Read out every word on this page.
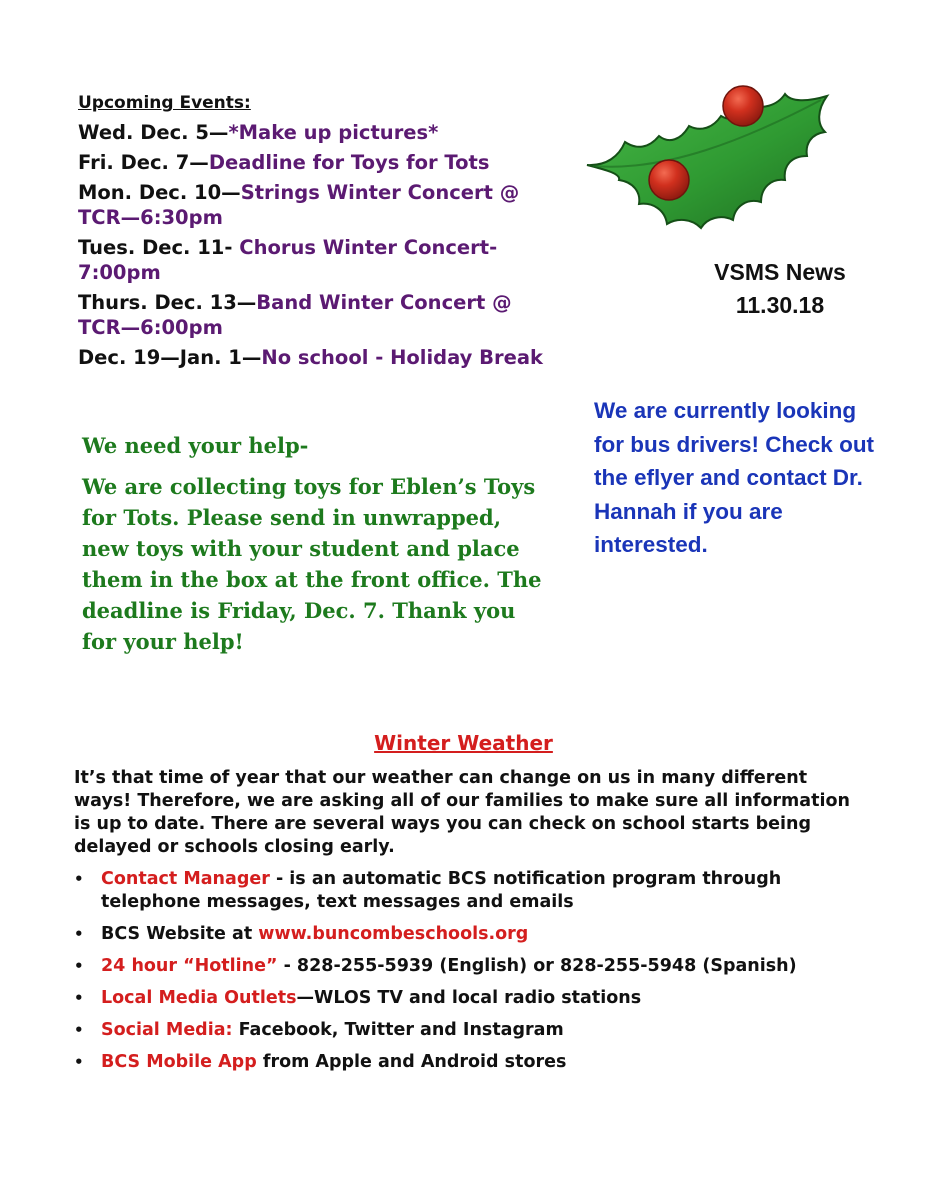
Upcoming Events:
Wed. Dec. 5—*Make up pictures*
Fri. Dec. 7—Deadline for Toys for Tots
Mon. Dec. 10—Strings Winter Concert @ TCR—6:30pm
Tues. Dec. 11- Chorus Winter Concert- 7:00pm
Thurs. Dec. 13—Band Winter Concert @ TCR—6:00pm
Dec. 19—Jan. 1—No school - Holiday Break
VSMS News
11.30.18
We are currently looking for bus drivers! Check out the eflyer and contact Dr. Hannah if you are interested.
We need your help-
We are collecting toys for Eblen’s Toys for Tots. Please send in unwrapped, new toys with your student and place them in the box at the front office. The deadline is Friday, Dec. 7. Thank you for your help!
Winter Weather
It’s that time of year that our weather can change on us in many different ways! Therefore, we are asking all of our families to make sure all information is up to date. There are several ways you can check on school starts being delayed or schools closing early.
• Contact Manager - is an automatic BCS notification program through telephone messages, text messages and emails
• BCS Website at www.buncombeschools.org
• 24 hour “Hotline” - 828-255-5939 (English) or 828-255-5948 (Spanish)
• Local Media Outlets—WLOS TV and local radio stations
• Social Media: Facebook, Twitter and Instagram
• BCS Mobile App from Apple and Android stores
